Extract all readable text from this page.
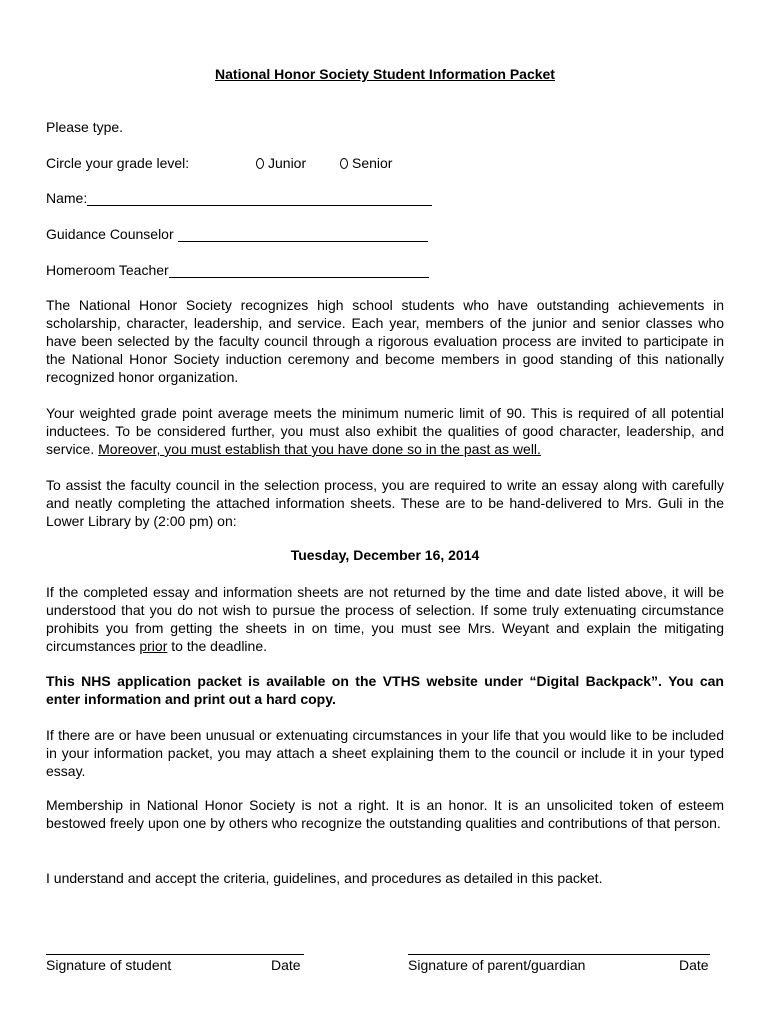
National Honor Society Student Information Packet
Please type.
Circle your grade level:	Junior	Senior
Name:
Guidance Counselor
Homeroom Teacher

The National Honor Society recognizes high school students who have outstanding achievements in scholarship, character, leadership, and service. Each year, members of the junior and senior classes who have been selected by the faculty council through a rigorous evaluation process are invited to participate in the National Honor Society induction ceremony and become members in good standing of this nationally recognized honor organization.

Your weighted grade point average meets the minimum numeric limit of 90. This is required of all potential inductees. To be considered further, you must also exhibit the qualities of good character, leadership, and service. Moreover, you must establish that you have done so in the past as well.

To assist the faculty council in the selection process, you are required to write an essay along with carefully and neatly completing the attached information sheets. These are to be hand-delivered to Mrs. Guli in the Lower Library by (2:00 pm) on:

Tuesday, December 16, 2014

If the completed essay and information sheets are not returned by the time and date listed above, it will be understood that you do not wish to pursue the process of selection. If some truly extenuating circumstance prohibits you from getting the sheets in on time, you must see Mrs. Weyant and explain the mitigating circumstances prior to the deadline.

This NHS application packet is available on the VTHS website under “Digital Backpack”. You can enter information and print out a hard copy.

If there are or have been unusual or extenuating circumstances in your life that you would like to be included in your information packet, you may attach a sheet explaining them to the council or include it in your typed essay.

Membership in National Honor Society is not a right. It is an honor. It is an unsolicited token of esteem bestowed freely upon one by others who recognize the outstanding qualities and contributions of that person.

I understand and accept the criteria, guidelines, and procedures as detailed in this packet.

Signature of student	Date	Signature of parent/guardian	Date
